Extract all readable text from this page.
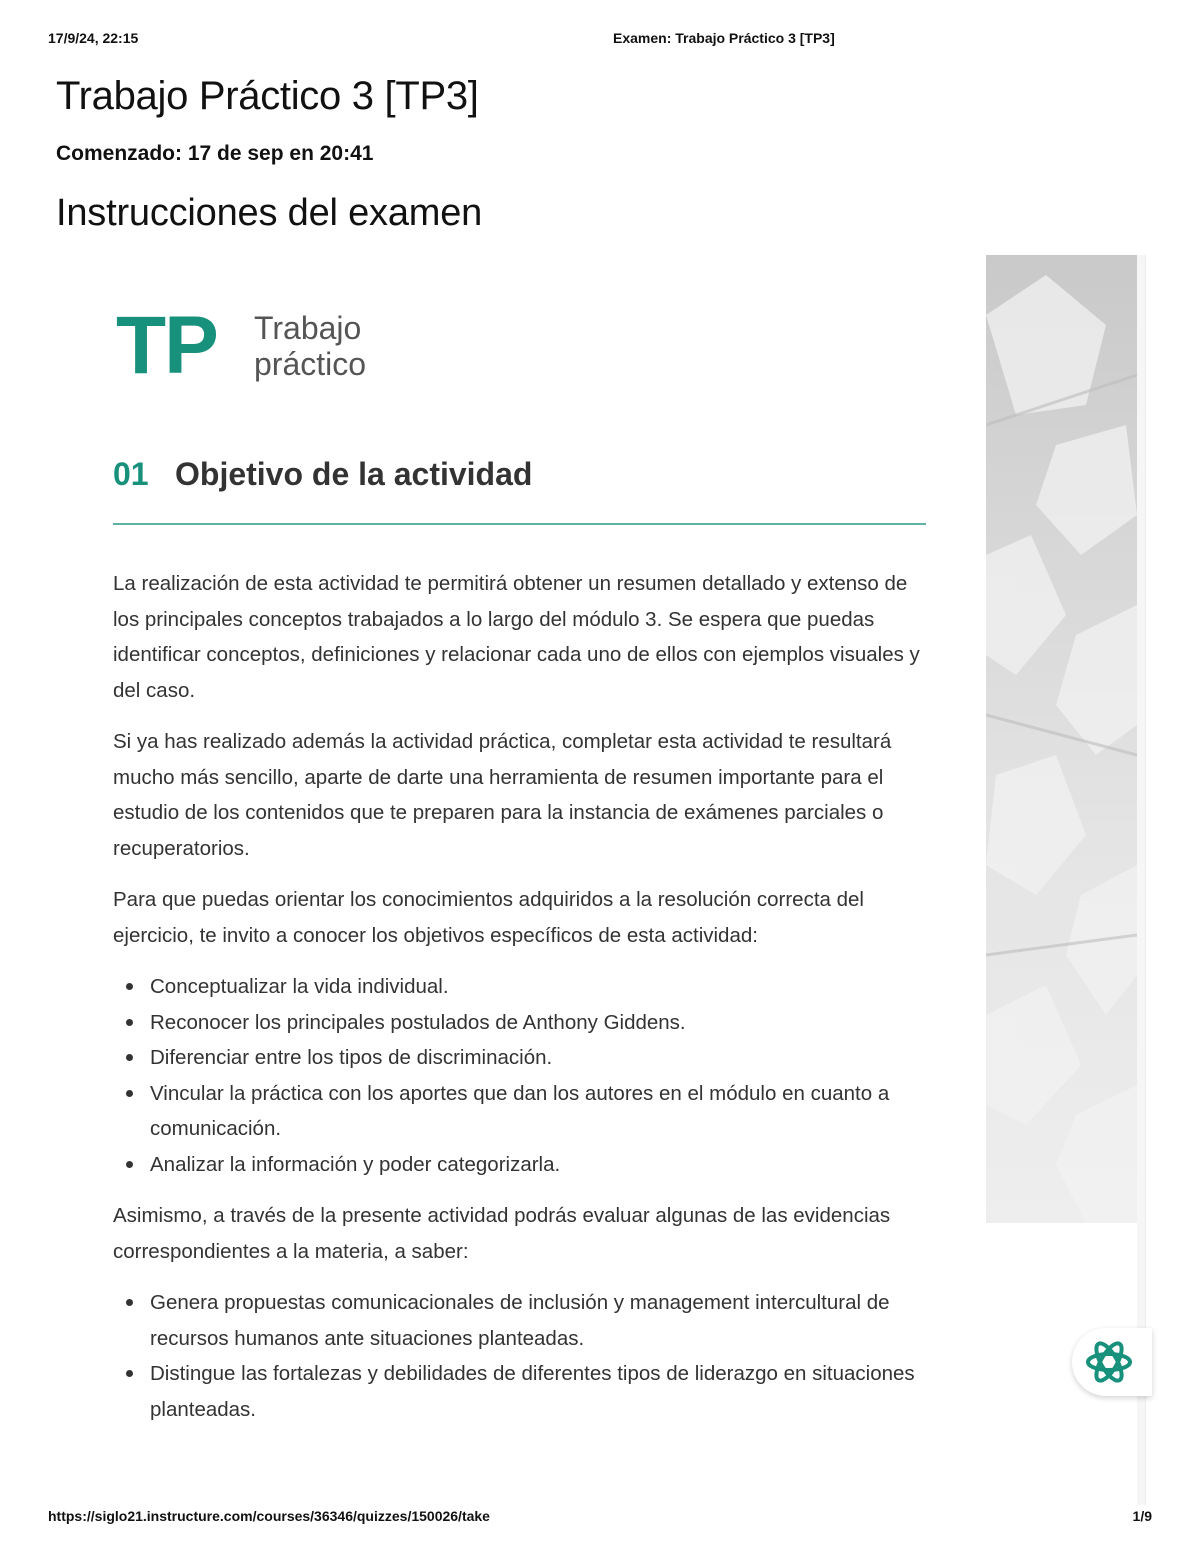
17/9/24, 22:15	Examen: Trabajo Práctico 3 [TP3]
Trabajo Práctico 3 [TP3]
Comenzado: 17 de sep en 20:41
Instrucciones del examen
TP Trabajo
práctico
01 Objetivo de la actividad

La realización de esta actividad te permitirá obtener un resumen detallado y extenso de los principales conceptos trabajados a lo largo del módulo 3. Se espera que puedas identificar conceptos, definiciones y relacionar cada uno de ellos con ejemplos visuales y del caso.

Si ya has realizado además la actividad práctica, completar esta actividad te resultará mucho más sencillo, aparte de darte una herramienta de resumen importante para el estudio de los contenidos que te preparen para la instancia de exámenes parciales o recuperatorios.

Para que puedas orientar los conocimientos adquiridos a la resolución correcta del ejercicio, te invito a conocer los objetivos específicos de esta actividad:

Conceptualizar la vida individual.
Reconocer los principales postulados de Anthony Giddens.
Diferenciar entre los tipos de discriminación.
Vincular la práctica con los aportes que dan los autores en el módulo en cuanto a comunicación.
Analizar la información y poder categorizarla.

Asimismo, a través de la presente actividad podrás evaluar algunas de las evidencias correspondientes a la materia, a saber:

Genera propuestas comunicacionales de inclusión y management intercultural de recursos humanos ante situaciones planteadas.
Distingue las fortalezas y debilidades de diferentes tipos de liderazgo en situaciones planteadas.
https://siglo21.instructure.com/courses/36346/quizzes/150026/take	1/9
